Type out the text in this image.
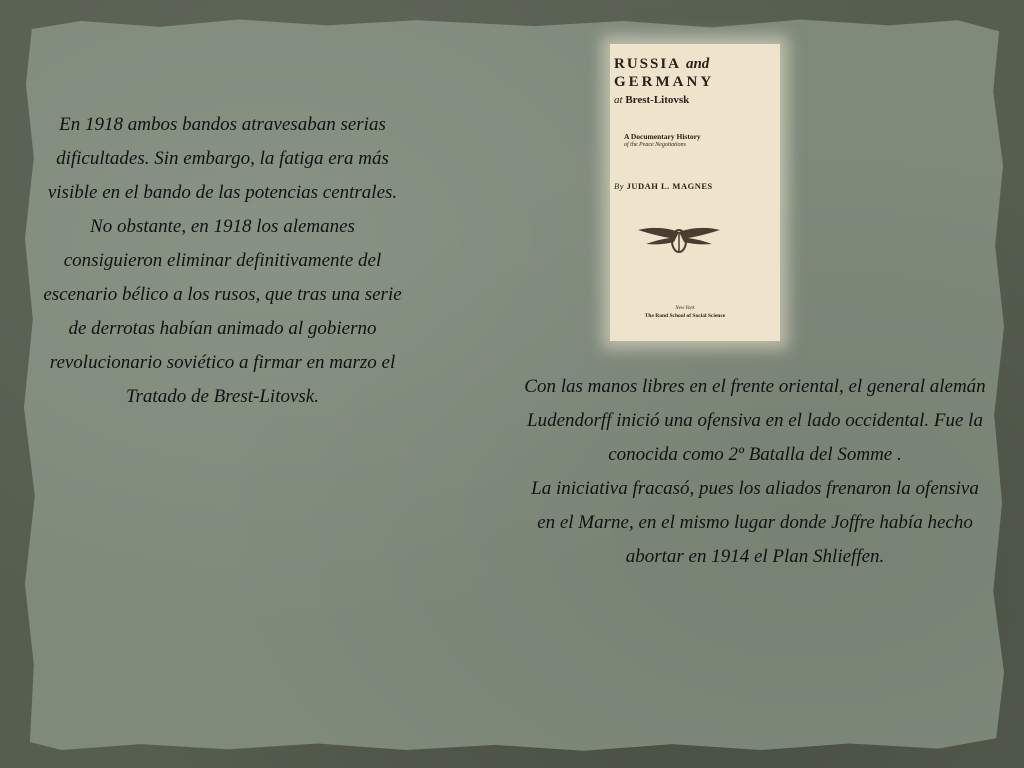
En 1918 ambos bandos atravesaban serias dificultades. Sin embargo, la fatiga era más visible en el bando de las potencias centrales.

No obstante, en 1918 los alemanes consiguieron eliminar definitivamente del escenario bélico a los rusos, que tras una serie de derrotas habían animado al gobierno revolucionario soviético a firmar en marzo el Tratado de Brest-Litovsk.

RUSSIA and
GERMANY
at Brest-Litovsk
A Documentary History
of the Peace Negotiations
By JUDAH L. MAGNES
New York
The Rand School of Social Science

Con las manos libres en el frente oriental, el general alemán Ludendorff inició una ofensiva en el lado occidental. Fue la conocida como 2º Batalla del Somme .

La iniciativa fracasó, pues los aliados frenaron la ofensiva en el Marne, en el mismo lugar donde Joffre había hecho abortar en 1914 el Plan Shlieffen.
